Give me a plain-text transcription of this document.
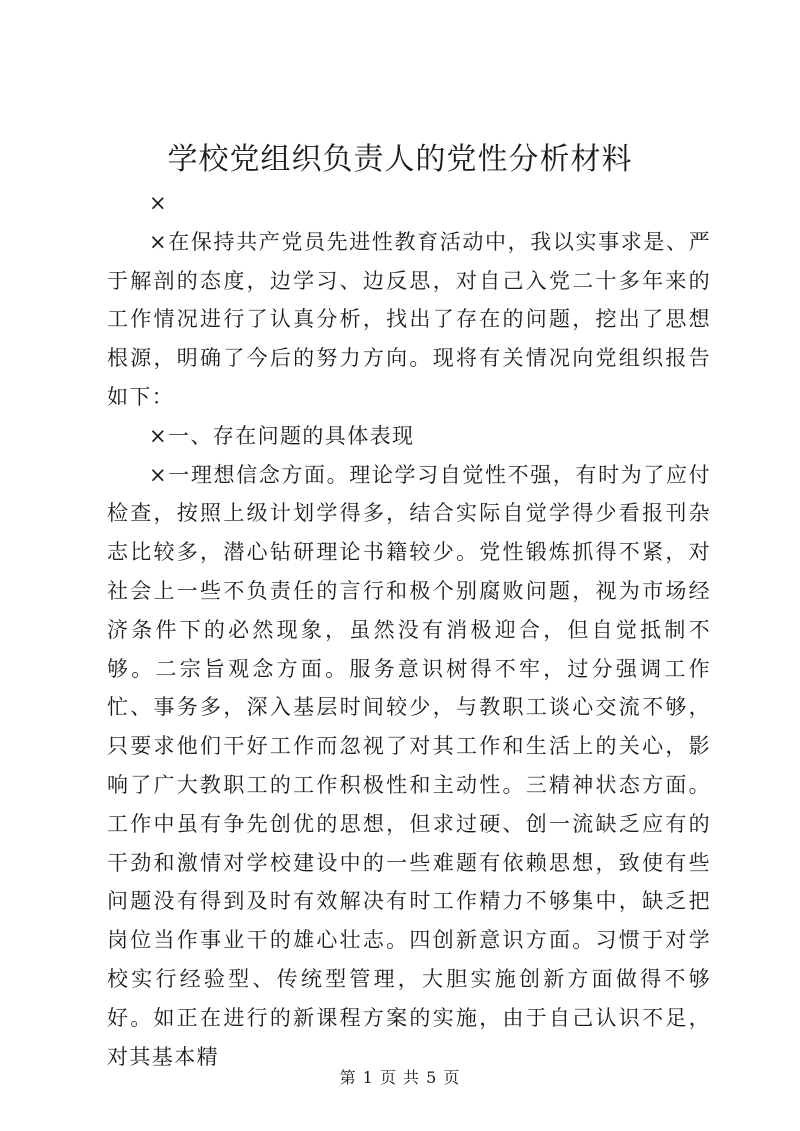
学校党组织负责人的党性分析材料

×

×在保持共产党员先进性教育活动中，我以实事求是、严于解剖的态度，边学习、边反思，对自己入党二十多年来的工作情况进行了认真分析，找出了存在的问题，挖出了思想根源，明确了今后的努力方向。现将有关情况向党组织报告如下：

×一、存在问题的具体表现

×一理想信念方面。理论学习自觉性不强，有时为了应付检查，按照上级计划学得多，结合实际自觉学得少看报刊杂志比较多，潜心钻研理论书籍较少。党性锻炼抓得不紧，对社会上一些不负责任的言行和极个别腐败问题，视为市场经济条件下的必然现象，虽然没有消极迎合，但自觉抵制不够。二宗旨观念方面。服务意识树得不牢，过分强调工作忙、事务多，深入基层时间较少，与教职工谈心交流不够，只要求他们干好工作而忽视了对其工作和生活上的关心，影响了广大教职工的工作积极性和主动性。三精神状态方面。工作中虽有争先创优的思想，但求过硬、创一流缺乏应有的干劲和激情对学校建设中的一些难题有依赖思想，致使有些问题没有得到及时有效解决有时工作精力不够集中，缺乏把岗位当作事业干的雄心壮志。四创新意识方面。习惯于对学校实行经验型、传统型管理，大胆实施创新方面做得不够好。如正在进行的新课程方案的实施，由于自己认识不足，对其基本精

第 1 页 共 5 页
